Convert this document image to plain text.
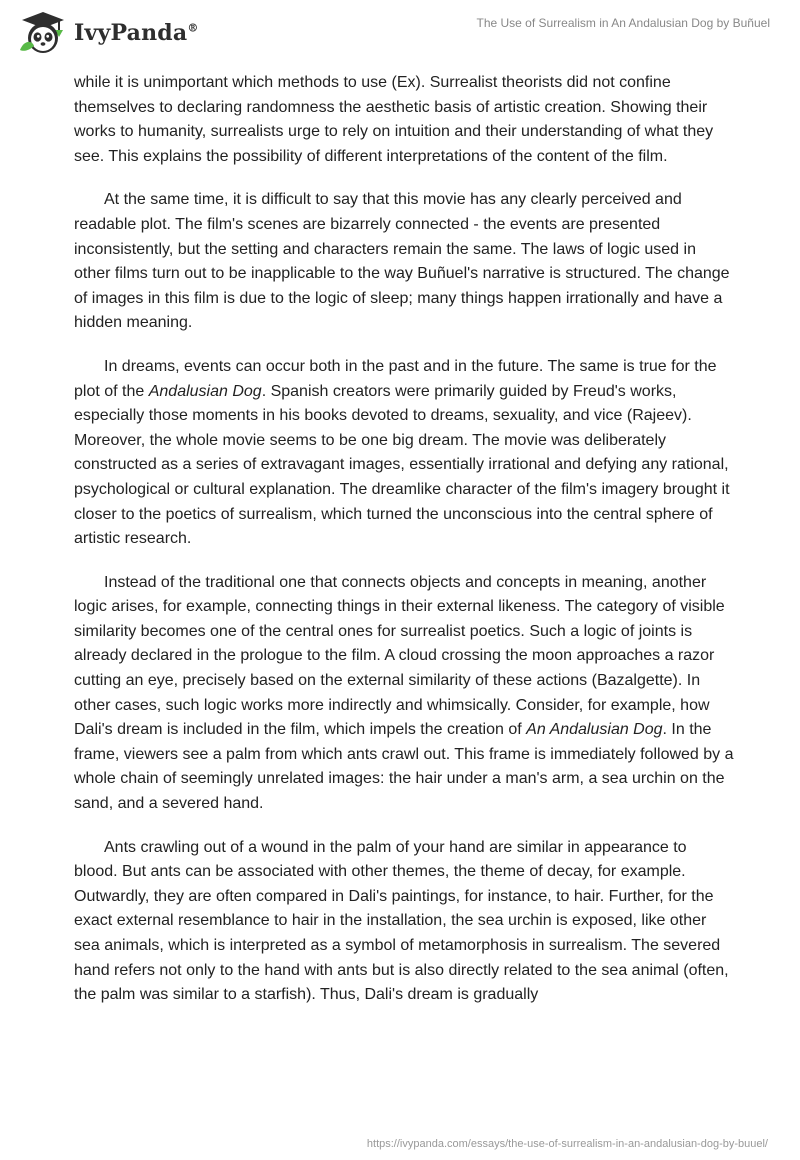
IvyPanda®	The Use of Surrealism in An Andalusian Dog by Buñuel

while it is unimportant which methods to use (Ex). Surrealist theorists did not confine themselves to declaring randomness the aesthetic basis of artistic creation. Showing their works to humanity, surrealists urge to rely on intuition and their understanding of what they see. This explains the possibility of different interpretations of the content of the film.

At the same time, it is difficult to say that this movie has any clearly perceived and readable plot. The film's scenes are bizarrely connected - the events are presented inconsistently, but the setting and characters remain the same. The laws of logic used in other films turn out to be inapplicable to the way Buñuel's narrative is structured. The change of images in this film is due to the logic of sleep; many things happen irrationally and have a hidden meaning.

In dreams, events can occur both in the past and in the future. The same is true for the plot of the Andalusian Dog. Spanish creators were primarily guided by Freud's works, especially those moments in his books devoted to dreams, sexuality, and vice (Rajeev). Moreover, the whole movie seems to be one big dream. The movie was deliberately constructed as a series of extravagant images, essentially irrational and defying any rational, psychological or cultural explanation. The dreamlike character of the film's imagery brought it closer to the poetics of surrealism, which turned the unconscious into the central sphere of artistic research.

Instead of the traditional one that connects objects and concepts in meaning, another logic arises, for example, connecting things in their external likeness. The category of visible similarity becomes one of the central ones for surrealist poetics. Such a logic of joints is already declared in the prologue to the film. A cloud crossing the moon approaches a razor cutting an eye, precisely based on the external similarity of these actions (Bazalgette). In other cases, such logic works more indirectly and whimsically. Consider, for example, how Dali's dream is included in the film, which impels the creation of An Andalusian Dog. In the frame, viewers see a palm from which ants crawl out. This frame is immediately followed by a whole chain of seemingly unrelated images: the hair under a man's arm, a sea urchin on the sand, and a severed hand.

Ants crawling out of a wound in the palm of your hand are similar in appearance to blood. But ants can be associated with other themes, the theme of decay, for example. Outwardly, they are often compared in Dali's paintings, for instance, to hair. Further, for the exact external resemblance to hair in the installation, the sea urchin is exposed, like other sea animals, which is interpreted as a symbol of metamorphosis in surrealism. The severed hand refers not only to the hand with ants but is also directly related to the sea animal (often, the palm was similar to a starfish). Thus, Dali's dream is gradually

https://ivypanda.com/essays/the-use-of-surrealism-in-an-andalusian-dog-by-buuel/
